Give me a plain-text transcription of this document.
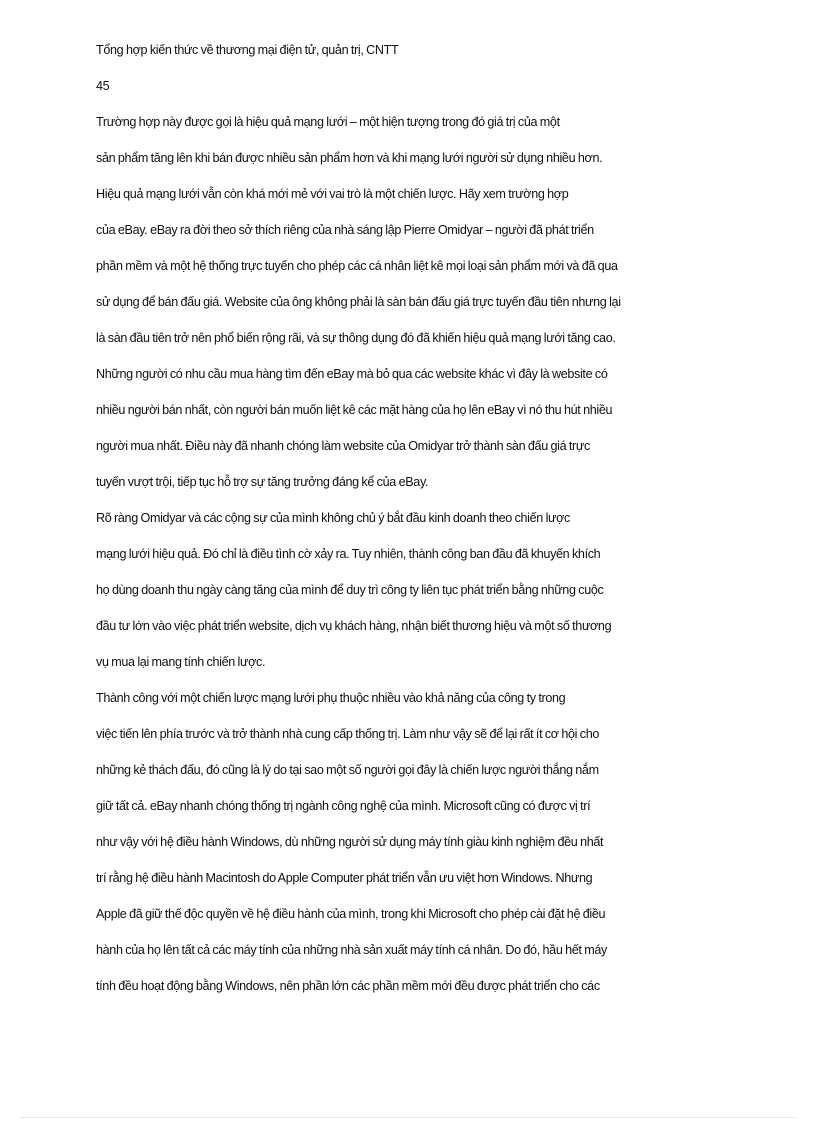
Tổng hợp kiến thức về thương mại điện tử, quản trị, CNTT
45
Trường hợp này được gọi là hiệu quả mạng lưới – một hiện tượng trong đó giá trị của một
sản phẩm tăng lên khi bán được nhiều sản phẩm hơn và khi mạng lưới người sử dụng nhiều hơn.
Hiệu quả mạng lưới vẫn còn khá mới mẻ với vai trò là một chiến lược. Hãy xem trường hợp
của eBay. eBay ra đời theo sở thích riêng của nhà sáng lập Pierre Omidyar – người đã phát triển
phần mềm và một hệ thống trực tuyến cho phép các cá nhân liệt kê mọi loại sản phẩm mới và đã qua
sử dụng để bán đấu giá. Website của ông không phải là sàn bán đấu giá trực tuyến đầu tiên nhưng lại
là sàn đầu tiên trở nên phổ biến rộng rãi, và sự thông dụng đó đã khiến hiệu quả mạng lưới tăng cao.
Những người có nhu cầu mua hàng tìm đến eBay mà bỏ qua các website khác vì đây là website có
nhiều người bán nhất, còn người bán muốn liệt kê các mặt hàng của họ lên eBay vì nó thu hút nhiều
người mua nhất. Điều này đã nhanh chóng làm website của Omidyar trở thành sàn đấu giá trực
tuyến vượt trội, tiếp tục hỗ trợ sự tăng trưởng đáng kể của eBay.
Rõ ràng Omidyar và các cộng sự của mình không chủ ý bắt đầu kinh doanh theo chiến lược
mạng lưới hiệu quả. Đó chỉ là điều tình cờ xảy ra. Tuy nhiên, thành công ban đầu đã khuyến khích
họ dùng doanh thu ngày càng tăng của mình để duy trì công ty liên tục phát triển bằng những cuộc
đầu tư lớn vào việc phát triển website, dịch vụ khách hàng, nhận biết thương hiệu và một số thương
vụ mua lại mang tính chiến lược.
Thành công với một chiến lược mạng lưới phụ thuộc nhiều vào khả năng của công ty trong
việc tiến lên phía trước và trở thành nhà cung cấp thống trị. Làm như vậy sẽ để lại rất ít cơ hội cho
những kẻ thách đấu, đó cũng là lý do tại sao một số người gọi đây là chiến lược người thắng nắm
giữ tất cả. eBay nhanh chóng thống trị ngành công nghệ của mình. Microsoft cũng có được vị trí
như vậy với hệ điều hành Windows, dù những người sử dụng máy tính giàu kinh nghiệm đều nhất
trí rằng hệ điều hành Macintosh do Apple Computer phát triển vẫn ưu việt hơn Windows. Nhưng
Apple đã giữ thế độc quyền về hệ điều hành của mình, trong khi Microsoft cho phép cài đặt hệ điều
hành của họ lên tất cả các máy tính của những nhà sản xuất máy tính cá nhân. Do đó, hầu hết máy
tính đều hoạt động bằng Windows, nên phần lớn các phần mềm mới đều được phát triển cho các
